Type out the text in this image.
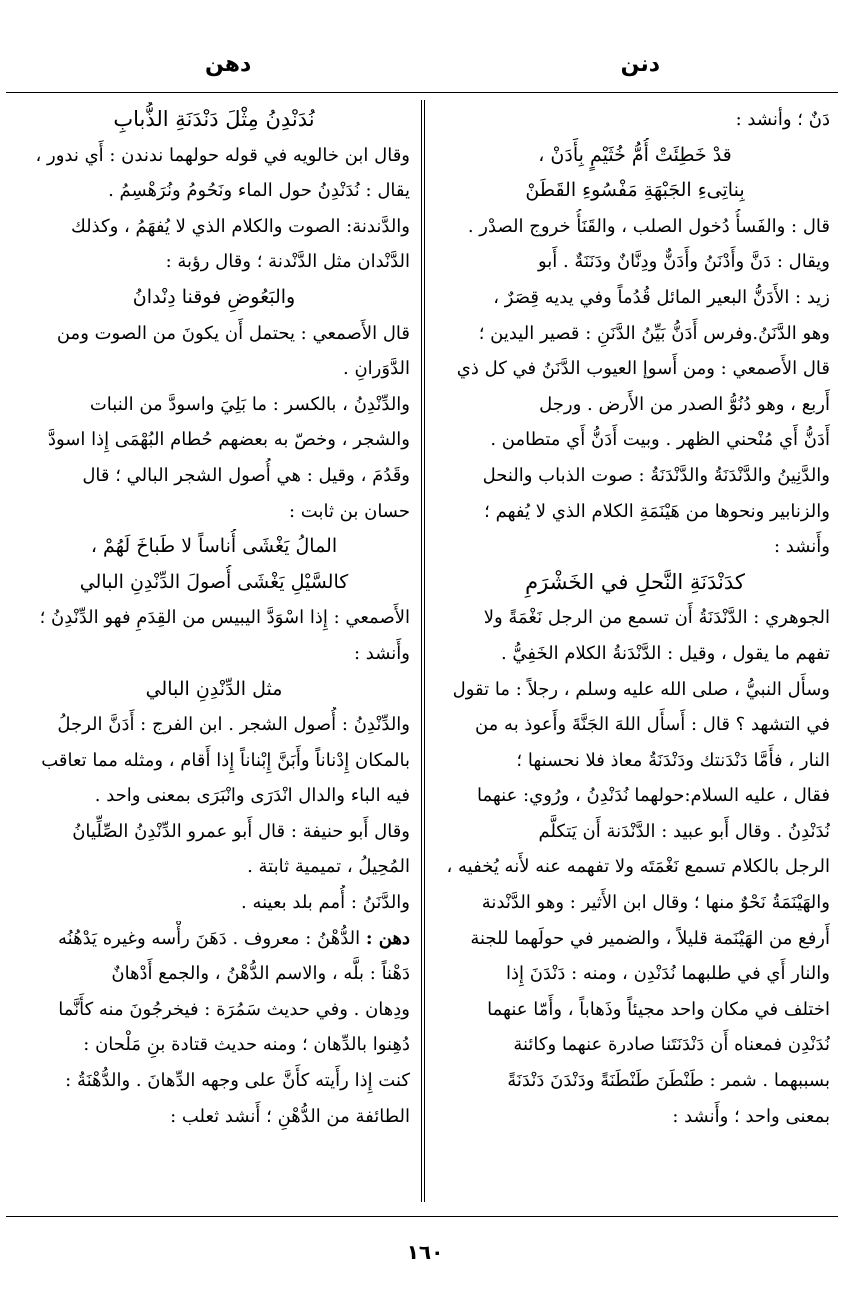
دنن
دهن
دَنٌ ؛ وأنشد :
قدْ خَطِئَتْ أُمُّ خُثَيْمٍ بِأَدَنْ ،
بِناتِىءِ الجَبْهَةِ مَفْسُوءِ القَطَنْ
قال : والفَسأُ دُخول الصلب ، والقَنَأُ خروج الصدْر .
ويقال : دَنَّ وأَدْنَنُ وأَدَنٌّ ودِنَّانٌ ودَنَنَةٌ . أَبو
زيد : الأَدَنُّ البعير المائل قُدُماً وفي يديه قِصَرٌ ،
وهو الدَّنَنُ.وفرس أَدَنُّ بَيِّنُ الدَّنَنِ : قصير اليدين ؛
قال الأَصمعي : ومن أَسوإ العيوب الدَّنَنُ في كل ذي
أَربع ، وهو دُنُوُّ الصدر من الأَرض . ورجل
أَدَنُّ أَي مُنْحني الظهر . وبيت أَدَنُّ أَي متطامن .
والدَّنِينُ والدَّنْدَنَةُ والدَّنْدَنَةُ : صوت الذباب والنحل
والزنابير ونحوها من هَيْنَمَةِ الكلام الذي لا يُفهم ؛
وأَنشد :
كدَنْدَنَةِ النَّحلِ في الخَشْرَمِ
الجوهري : الدَّنْدَنَةُ أَن تسمع من الرجل نَغْمَةً ولا
تفهم ما يقول ، وقيل : الدَّنْدَنةُ الكلام الخَفِيُّ .
وسأَل النبيُّ ، صلى الله عليه وسلم ، رجلاً : ما تقول
في التشهد ؟ قال : أَسأَل اللهَ الجَنَّةَ وأَعوذ به من
النار ، فأَمَّا دَنْدَنتك ودَنْدَنَةُ معاذ فلا نحسنها ؛
فقال ، عليه السلام:حولهما نُدَنْدِنُ ، ورُوي: عنهما
نُدَنْدِنُ . وقال أَبو عبيد : الدَّنْدَنة أَن يَتكلَّم
الرجل بالكلام تسمع نَغْمَتَه ولا تفهمه عنه لأَنه يُخفيه ،
والهَيْنَمَةُ نَحْوٌ منها ؛ وقال ابن الأَثير : وهو الدَّنْدنة
أَرفع من الهَيْنَمة قليلاً ، والضمير في حولَهما للجنة
والنار أَي في طلبهما نُدَنْدِن ، ومنه : دَنْدَنَ إِذا
اختلف في مكان واحد مجيئاً وذَهاباً ، وأَمّا عنهما
نُدَنْدِن فمعناه أَن دَنْدَنَتَنا صادرة عنهما وكائنة
بسببهما . شمر : طَنْطَنَ طَنْطَنَةً ودَنْدَنَ دَنْدَنَةً
بمعنى واحد ؛ وأَنشد :
نُدَنْدِنُ مِثْلَ دَنْدَنَةِ الذُّبابِ
وقال ابن خالويه في قوله حولهما ندندن : أَي ندور ،
يقال : نُدَنْدِنُ حول الماء ونَحُومُ ونُرَهْسِمُ .
والدَّندنة: الصوت والكلام الذي لا يُفهَمُ ، وكذلك
الدَّنْدان مثل الدَّنْدنة ؛ وقال رؤبة :
والبَعُوضِ فوقنا دِنْدانُ
قال الأَصمعي : يحتمل أَن يكونَ من الصوت ومن
الدَّوَرانِ .
والدِّنْدِنُ ، بالكسر : ما بَلِيَ واسودَّ من النبات
والشجر ، وخصّ به بعضهم حُطام البُهْمَى إِذا اسودَّ
وقَدُمَ ، وقيل : هي أُصول الشجر البالي ؛ قال
حسان بن ثابت :
المالُ يَغْشَى أُناساً لا طَباخَ لَهُمْ ،
كالسَّيْلِ يَغْشَى أُصولَ الدِّنْدِنِ البالي
الأَصمعي : إِذا اسْوَدَّ اليبيس من القِدَمِ فهو الدِّنْدِنُ ؛
وأَنشد :
مثل الدِّنْدِنِ البالي
والدِّنْدِنُ : أُصول الشجر . ابن الفرج : أَدَنَّ الرجلُ
بالمكان إِدْناناً وأَبَنَّ إِبْناناً إِذا أَقام ، ومثله مما تعاقب
فيه الباء والدال انْدَرَى وانْبَرَى بمعنى واحد .
وقال أَبو حنيفة : قال أَبو عمرو الدِّنْدِنُ الصِّلِّيانُ
المُحِيلُ ، تميمية ثابتة .
والدَّنَنُ : أُمم بلد بعينه .
دهن : الدُّهْنُ : معروف . دَهَنَ رأْسه وغيره يَدْهُنُه
دَهْناً : بلَّه ، والاسم الدُّهْنُ ، والجمع أَدْهانٌ
ودِهان . وفي حديث سَمُرَة : فيخرجُونَ منه كأَنَّما
دُهِنوا بالدِّهان ؛ ومنه حديث قتادة بنِ مَلْحان :
كنت إِذا رأَيته كأَنَّ على وجهه الدِّهانَ . والدُّهْنَةُ :
الطائفة من الدُّهْنِ ؛ أَنشد ثعلب :
١٦٠
